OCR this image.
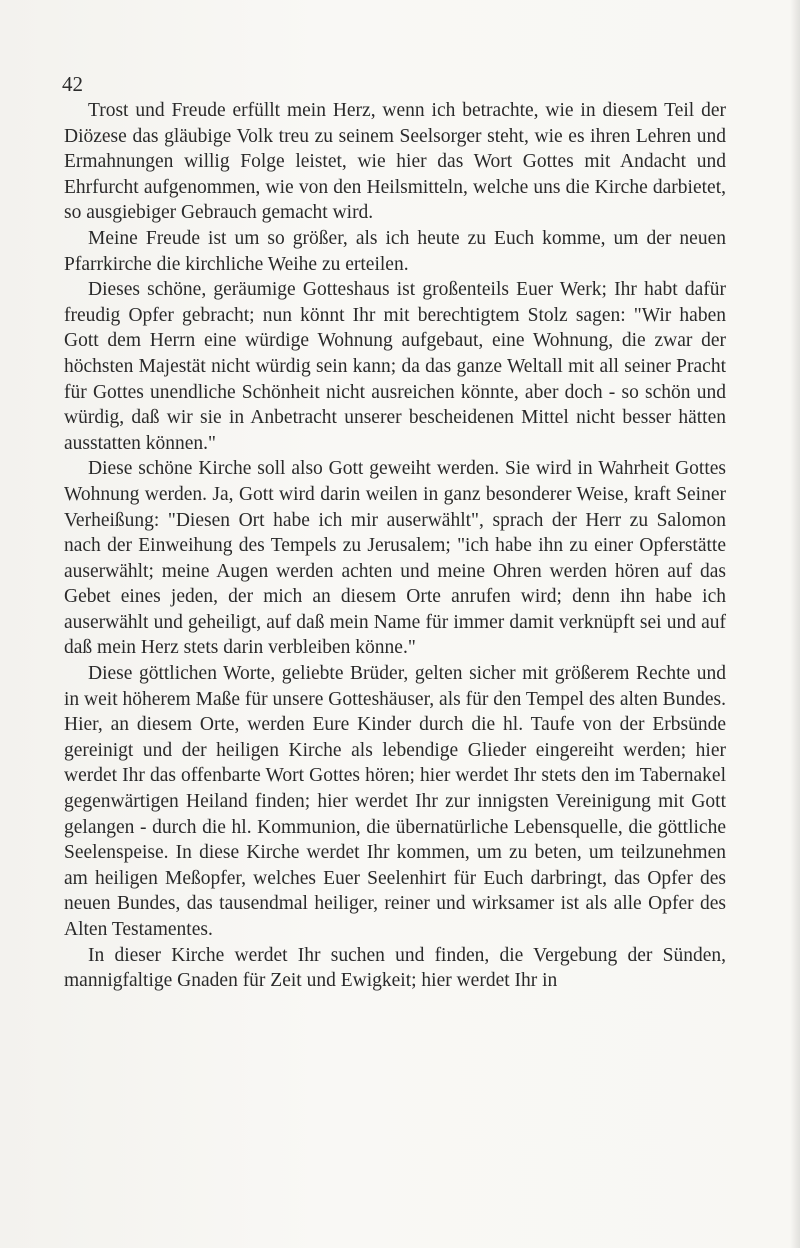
42

Trost und Freude erfüllt mein Herz, wenn ich betrachte, wie in diesem Teil der Diözese das gläubige Volk treu zu seinem Seelsorger steht, wie es ihren Lehren und Ermahnungen willig Folge leistet, wie hier das Wort Gottes mit Andacht und Ehrfurcht aufgenommen, wie von den Heilsmitteln, welche uns die Kirche darbietet, so ausgiebiger Gebrauch gemacht wird.

Meine Freude ist um so größer, als ich heute zu Euch komme, um der neuen Pfarrkirche die kirchliche Weihe zu erteilen.

Dieses schöne, geräumige Gotteshaus ist großenteils Euer Werk; Ihr habt dafür freudig Opfer gebracht; nun könnt Ihr mit berechtigtem Stolz sagen: "Wir haben Gott dem Herrn eine würdige Wohnung aufgebaut, eine Wohnung, die zwar der höchsten Majestät nicht würdig sein kann; da das ganze Weltall mit all seiner Pracht für Gottes unendliche Schönheit nicht ausreichen könnte, aber doch - so schön und würdig, daß wir sie in Anbetracht unserer bescheidenen Mittel nicht besser hätten ausstatten können."

Diese schöne Kirche soll also Gott geweiht werden. Sie wird in Wahrheit Gottes Wohnung werden. Ja, Gott wird darin weilen in ganz besonderer Weise, kraft Seiner Verheißung: "Diesen Ort habe ich mir auserwählt", sprach der Herr zu Salomon nach der Einweihung des Tempels zu Jerusalem; "ich habe ihn zu einer Opferstätte auserwählt; meine Augen werden achten und meine Ohren werden hören auf das Gebet eines jeden, der mich an diesem Orte anrufen wird; denn ihn habe ich auserwählt und geheiligt, auf daß mein Name für immer damit verknüpft sei und auf daß mein Herz stets darin verbleiben könne."

Diese göttlichen Worte, geliebte Brüder, gelten sicher mit größerem Rechte und in weit höherem Maße für unsere Gotteshäuser, als für den Tempel des alten Bundes. Hier, an diesem Orte, werden Eure Kinder durch die hl. Taufe von der Erbsünde gereinigt und der heiligen Kirche als lebendige Glieder eingereiht werden; hier werdet Ihr das offenbarte Wort Gottes hören; hier werdet Ihr stets den im Tabernakel gegenwärtigen Heiland finden; hier werdet Ihr zur innigsten Vereinigung mit Gott gelangen - durch die hl. Kommunion, die übernatürliche Lebensquelle, die göttliche Seelenspeise. In diese Kirche werdet Ihr kommen, um zu beten, um teilzunehmen am heiligen Meßopfer, welches Euer Seelenhirt für Euch darbringt, das Opfer des neuen Bundes, das tausendmal heiliger, reiner und wirksamer ist als alle Opfer des Alten Testamentes.

In dieser Kirche werdet Ihr suchen und finden, die Vergebung der Sünden, mannigfaltige Gnaden für Zeit und Ewigkeit; hier werdet Ihr in
